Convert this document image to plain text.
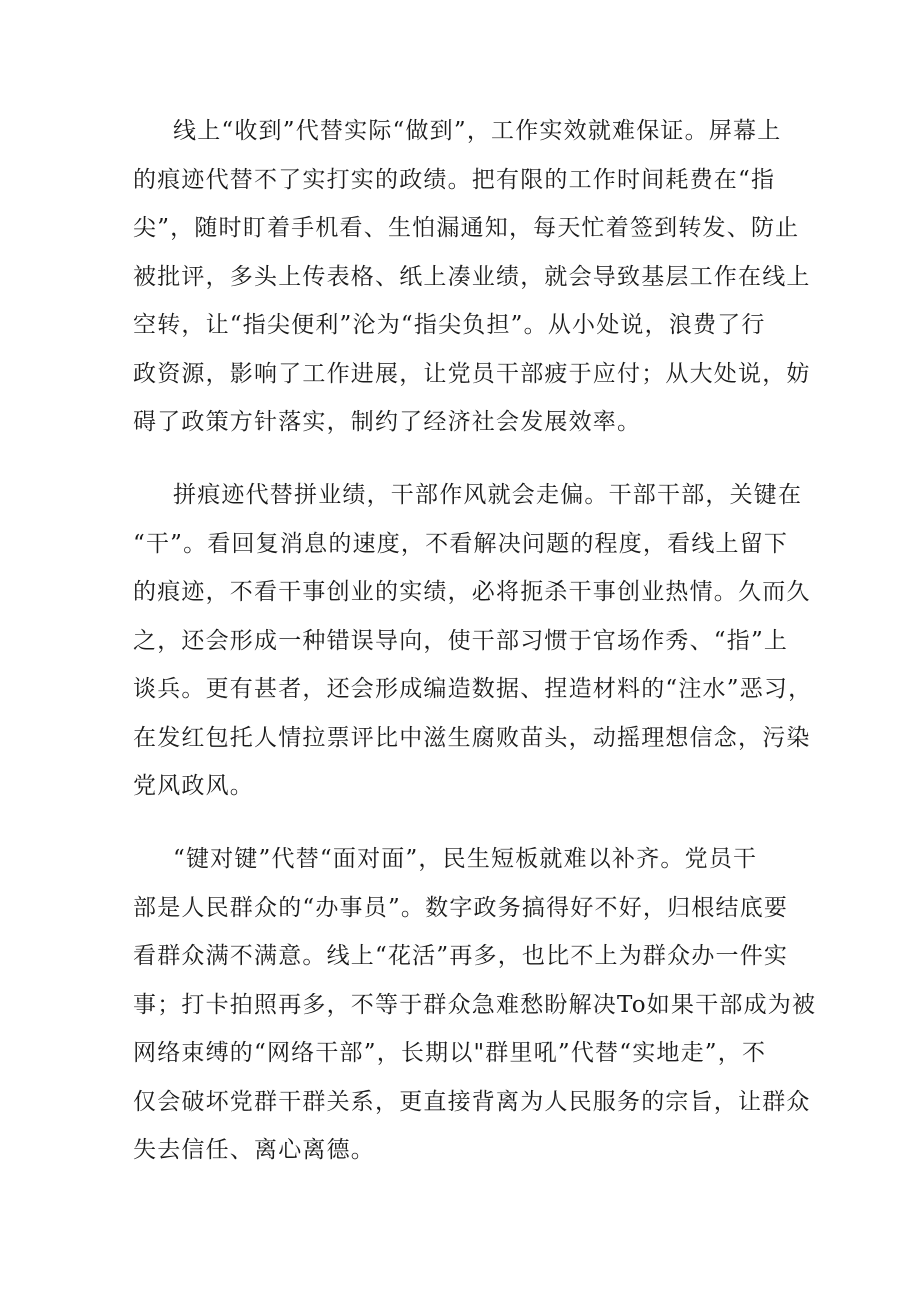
线上“收到”代替实际“做到”，工作实效就难保证。屏幕上
的痕迹代替不了实打实的政绩。把有限的工作时间耗费在“指
尖”，随时盯着手机看、生怕漏通知，每天忙着签到转发、防止
被批评，多头上传表格、纸上凑业绩，就会导致基层工作在线上
空转，让“指尖便利”沦为“指尖负担”。从小处说，浪费了行
政资源，影响了工作进展，让党员干部疲于应付；从大处说，妨
碍了政策方针落实，制约了经济社会发展效率。

拼痕迹代替拼业绩，干部作风就会走偏。干部干部，关键在
“干”。看回复消息的速度，不看解决问题的程度，看线上留下
的痕迹，不看干事创业的实绩，必将扼杀干事创业热情。久而久
之，还会形成一种错误导向，使干部习惯于官场作秀、“指”上
谈兵。更有甚者，还会形成编造数据、捏造材料的“注水”恶习，
在发红包托人情拉票评比中滋生腐败苗头，动摇理想信念，污染
党风政风。

“键对键”代替“面对面”，民生短板就难以补齐。党员干
部是人民群众的“办事员”。数字政务搞得好不好，归根结底要
看群众满不满意。线上“花活”再多，也比不上为群众办一件实
事；打卡拍照再多，不等于群众急难愁盼解决To如果干部成为被
网络束缚的“网络干部”，长期以"群里吼”代替“实地走”，不
仅会破坏党群干群关系，更直接背离为人民服务的宗旨，让群众
失去信任、离心离德。
